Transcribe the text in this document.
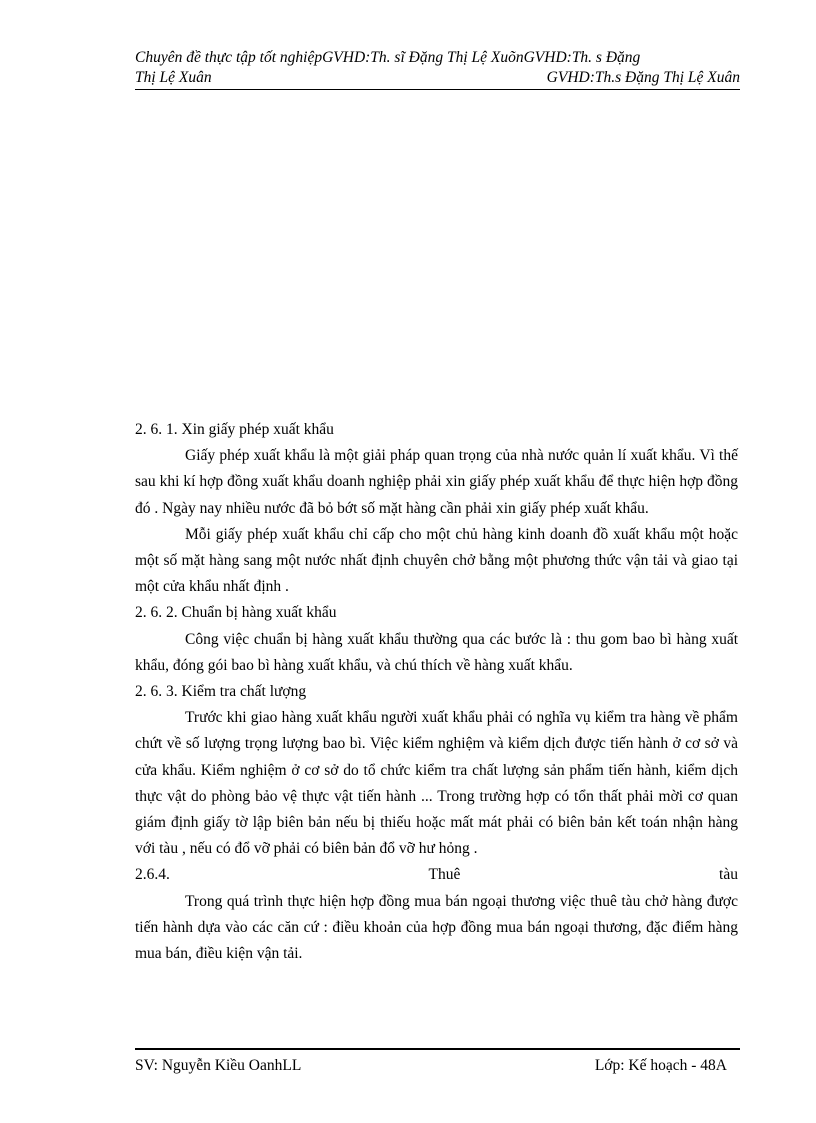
Chuyên đề thực tập tốt nghiệpGVHD:Th. sĩ Đặng Thị Lệ XuõnGVHD:Th. s Đặng
Thị Lệ Xuân	GVHD:Th.s Đặng Thị Lệ Xuân

2. 6. 1. Xin giấy phép xuất khẩu

Giấy phép xuất khẩu là một giải pháp quan trọng của nhà nước quản lí xuất khẩu. Vì thế sau khi kí hợp đồng xuất khẩu doanh nghiệp phải xin giấy phép xuất khẩu để thực hiện hợp đồng đó . Ngày nay nhiều nước đã bỏ bớt số mặt hàng cần phải xin giấy phép xuất khẩu.

Mỗi giấy phép xuất khẩu chỉ cấp cho một chủ hàng kinh doanh đồ xuất khẩu một hoặc một số mặt hàng sang một nước nhất định chuyên chở bằng một phương thức vận tải và giao tại một cửa khẩu nhất định .

2. 6. 2. Chuẩn bị hàng xuất khẩu

Công việc chuẩn bị hàng xuất khẩu thường qua các bước là : thu gom bao bì hàng xuất khẩu, đóng gói bao bì hàng xuất khẩu, và chú thích về hàng xuất khẩu.

2. 6. 3. Kiểm tra chất lượng

Trước khi giao hàng xuất khẩu người xuất khẩu phải có nghĩa vụ kiểm tra hàng về phẩm chứt về số lượng trọng lượng bao bì. Việc kiểm nghiệm và kiểm dịch được tiến hành ở cơ sở và cửa khẩu. Kiểm nghiệm ở cơ sở do tổ chức kiểm tra chất lượng sản phẩm tiến hành, kiểm dịch thực vật do phòng bảo vệ thực vật tiến hành ... Trong trường hợp có tổn thất phải mời cơ quan giám định giấy tờ lập biên bản nếu bị thiếu hoặc mất mát phải có biên bản kết toán nhận hàng với tàu , nếu có đổ vỡ phải có biên bản đổ vỡ hư hỏng .

2.6.4.	Thuê	tàu

Trong quá trình thực hiện hợp đồng mua bán ngoại thương việc thuê tàu chở hàng được tiến hành dựa vào các căn cứ : điều khoản của hợp đồng mua bán ngoại thương, đặc điểm hàng mua bán, điều kiện vận tải.

SV: Nguyễn Kiều OanhLL	Lớp: Kế hoạch - 48A
